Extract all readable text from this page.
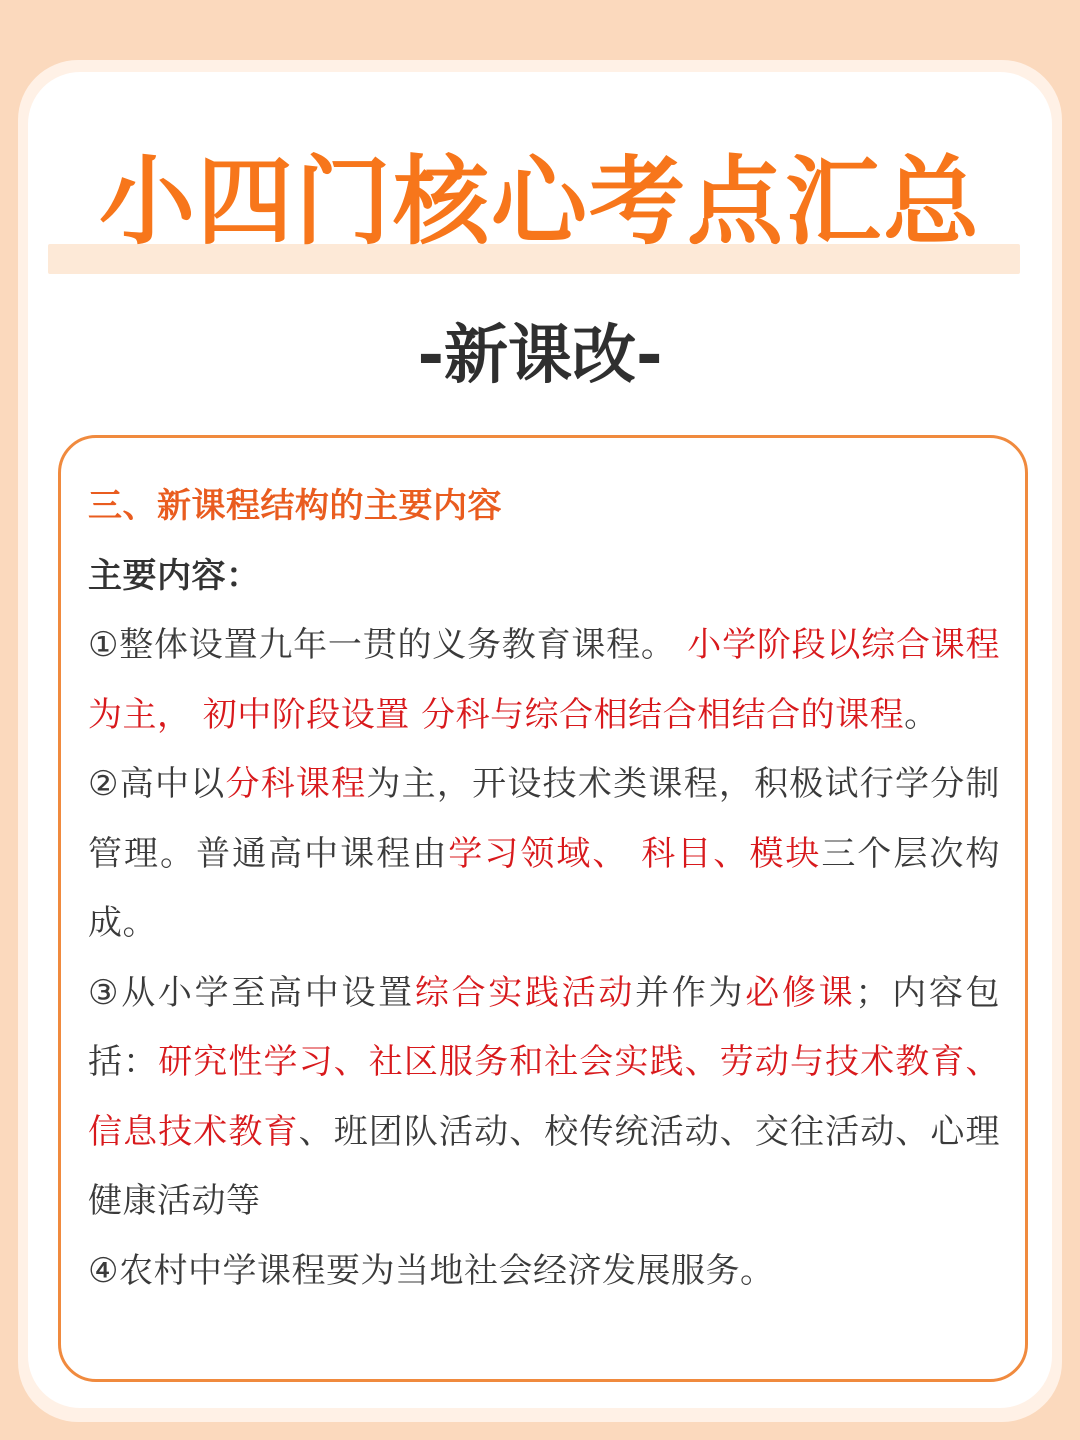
小四门核心考点汇总
-新课改-

三、新课程结构的主要内容

主要内容：

①整体设置九年一贯的义务教育课程。 小学阶段以综合课程为主， 初中阶段设置 分科与综合相结合相结合的课程。

②高中以分科课程为主，开设技术类课程，积极试行学分制管理。普通高中课程由学习领域、 科目、模块三个层次构成。

③从小学至高中设置综合实践活动并作为必修课；内容包括：研究性学习、社区服务和社会实践、劳动与技术教育、信息技术教育、班团队活动、校传统活动、交往活动、心理健康活动等

④农村中学课程要为当地社会经济发展服务。
